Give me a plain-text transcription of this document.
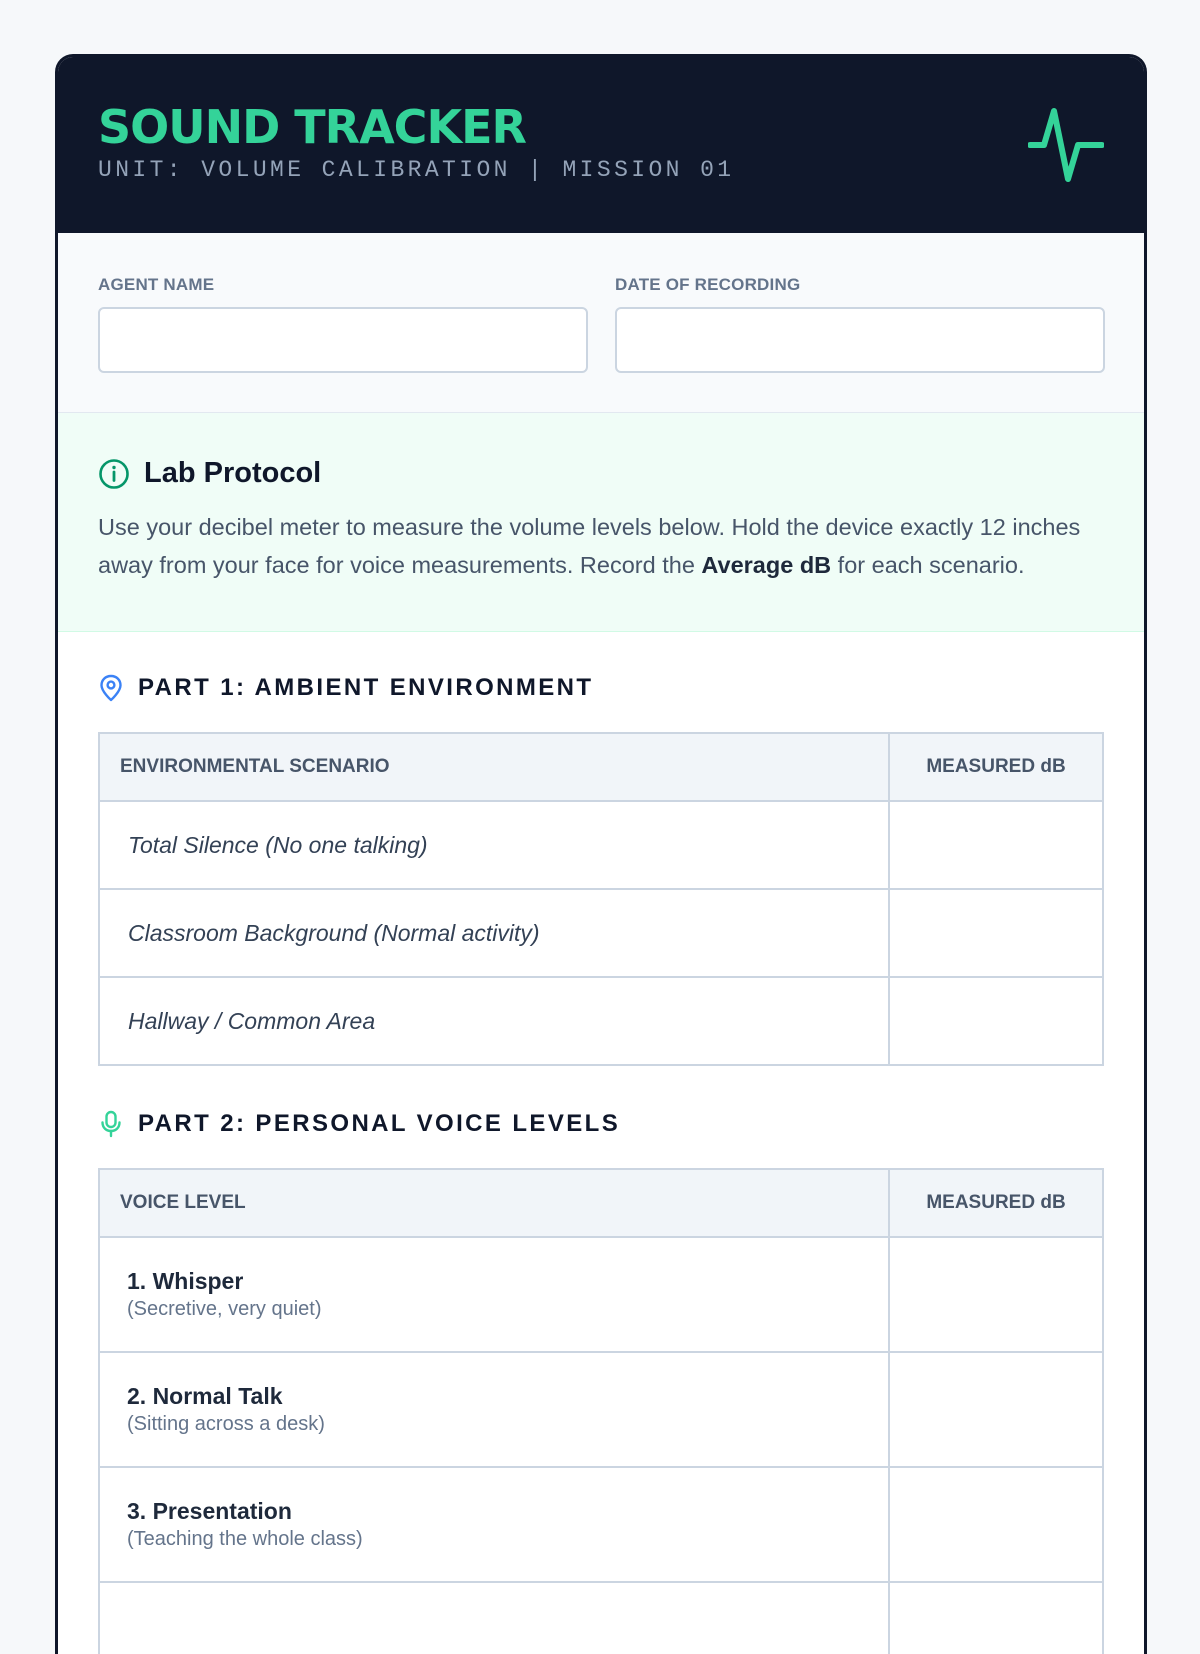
SOUND TRACKER
UNIT: VOLUME CALIBRATION | MISSION 01
AGENT NAME	DATE OF RECORDING
Lab Protocol
Use your decibel meter to measure the volume levels below. Hold the device exactly 12 inches away from your face for voice measurements. Record the Average dB for each scenario.
PART 1: AMBIENT ENVIRONMENT
ENVIRONMENTAL SCENARIO	MEASURED dB
Total Silence (No one talking)	
Classroom Background (Normal activity)	
Hallway / Common Area	
PART 2: PERSONAL VOICE LEVELS
VOICE LEVEL	MEASURED dB

1. Whisper
(Secretive, very quiet)	

2. Normal Talk
(Sitting across a desk)	

3. Presentation
(Teaching the whole class)	
